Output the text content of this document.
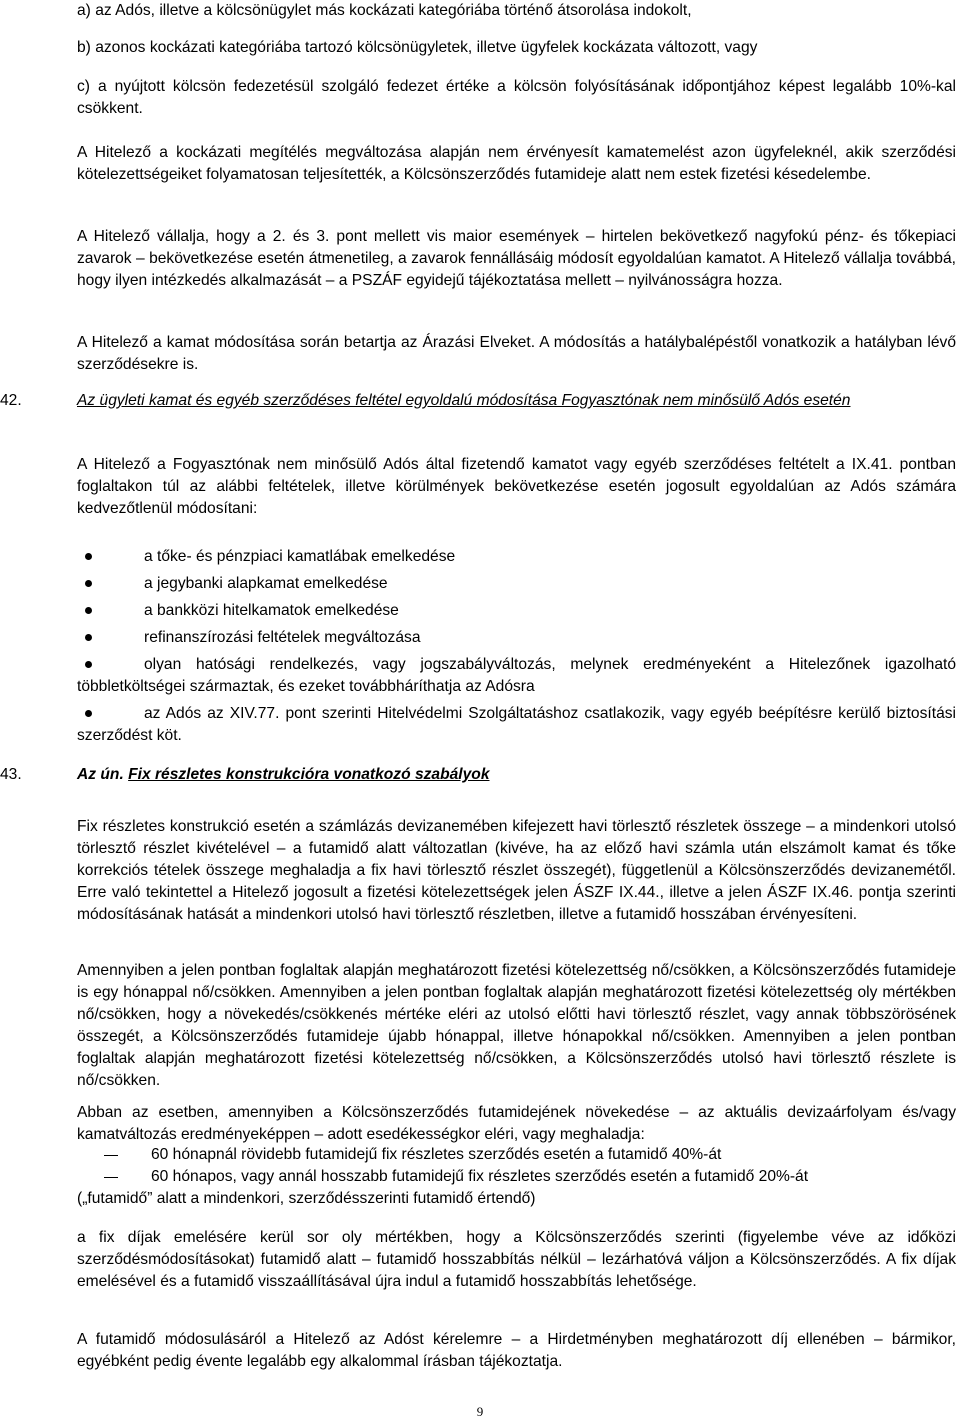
a) az Adós, illetve a kölcsönügylet más kockázati kategóriába történő átsorolása indokolt,

b) azonos kockázati kategóriába tartozó kölcsönügyletek, illetve ügyfelek kockázata változott, vagy

c) a nyújtott kölcsön fedezetésül szolgáló fedezet értéke a kölcsön folyósításának időpontjához képest legalább 10%-kal csökkent.

A Hitelező a kockázati megítélés megváltozása alapján nem érvényesít kamatemelést azon ügyfeleknél, akik szerződési kötelezettségeiket folyamatosan teljesítették, a Kölcsönszerződés futamideje alatt nem estek fizetési késedelembe.

A Hitelező vállalja, hogy a 2. és 3. pont mellett vis maior események – hirtelen bekövetkező nagyfokú pénz- és tőkepiaci zavarok – bekövetkezése esetén átmenetileg, a zavarok fennállásáig módosít egyoldalúan kamatot. A Hitelező vállalja továbbá, hogy ilyen intézkedés alkalmazását – a PSZÁF egyidejű tájékoztatása mellett – nyilvánosságra hozza.

A Hitelező a kamat módosítása során betartja az Árazási Elveket. A módosítás a hatálybalépéstől vonatkozik a hatályban lévő szerződésekre is.

42.	Az ügyleti kamat és egyéb szerződéses feltétel egyoldalú módosítása Fogyasztónak nem minősülő Adós esetén

A Hitelező a Fogyasztónak nem minősülő Adós által fizetendő kamatot vagy egyéb szerződéses feltételt a IX.41. pontban foglaltakon túl az alábbi feltételek, illetve körülmények bekövetkezése esetén jogosult egyoldalúan az Adós számára kedvezőtlenül módosítani:

a tőke- és pénzpiaci kamatlábak emelkedése
a jegybanki alapkamat emelkedése
a bankközi hitelkamatok emelkedése
refinanszírozási feltételek megváltozása
olyan hatósági rendelkezés, vagy jogszabályváltozás, melynek eredményeként a Hitelezőnek igazolható többletköltségei származtak, és ezeket továbbháríthatja az Adósra
az Adós az XIV.77. pont szerinti Hitelvédelmi Szolgáltatáshoz csatlakozik, vagy egyéb beépítésre kerülő biztosítási szerződést köt.
43.	Az ún. Fix részletes konstrukcióra vonatkozó szabályok

Fix részletes konstrukció esetén a számlázás devizanemében kifejezett havi törlesztő részletek összege – a mindenkori utolsó törlesztő részlet kivételével – a futamidő alatt változatlan (kivéve, ha az előző havi számla után elszámolt kamat és tőke korrekciós tételek összege meghaladja a fix havi törlesztő részlet összegét), függetlenül a Kölcsönszerződés devizanemétől. Erre való tekintettel a Hitelező jogosult a fizetési kötelezettségek jelen ÁSZF IX.44., illetve a jelen ÁSZF IX.46. pontja szerinti módosításának hatását a mindenkori utolsó havi törlesztő részletben, illetve a futamidő hosszában érvényesíteni.

Amennyiben a jelen pontban foglaltak alapján meghatározott fizetési kötelezettség nő/csökken, a Kölcsönszerződés futamideje is egy hónappal nő/csökken. Amennyiben a jelen pontban foglaltak alapján meghatározott fizetési kötelezettség oly mértékben nő/csökken, hogy a növekedés/csökkenés mértéke eléri az utolsó előtti havi törlesztő részlet, vagy annak többszörösének összegét, a Kölcsönszerződés futamideje újabb hónappal, illetve hónapokkal nő/csökken. Amennyiben a jelen pontban foglaltak alapján meghatározott fizetési kötelezettség nő/csökken, a Kölcsönszerződés utolsó havi törlesztő részlete is nő/csökken.

Abban az esetben, amennyiben a Kölcsönszerződés futamidejének növekedése – az aktuális devizaárfolyam és/vagy kamatváltozás eredményeképpen – adott esedékességkor eléri, vagy meghaladja:

60 hónapnál rövidebb futamidejű fix részletes szerződés esetén a futamidő 40%-át
60 hónapos, vagy annál hosszabb futamidejű fix részletes szerződés esetén a futamidő 20%-át

(„futamidő” alatt a mindenkori, szerződésszerinti futamidő értendő)

a fix díjak emelésére kerül sor oly mértékben, hogy a Kölcsönszerződés szerinti (figyelembe véve az időközi szerződésmódosításokat) futamidő alatt – futamidő hosszabbítás nélkül – lezárhatóvá váljon a Kölcsönszerződés. A fix díjak emelésével és a futamidő visszaállításával újra indul a futamidő hosszabbítás lehetősége.

A futamidő módosulásáról a Hitelező az Adóst kérelemre – a Hirdetményben meghatározott díj ellenében – bármikor, egyébként pedig évente legalább egy alkalommal írásban tájékoztatja.

9
